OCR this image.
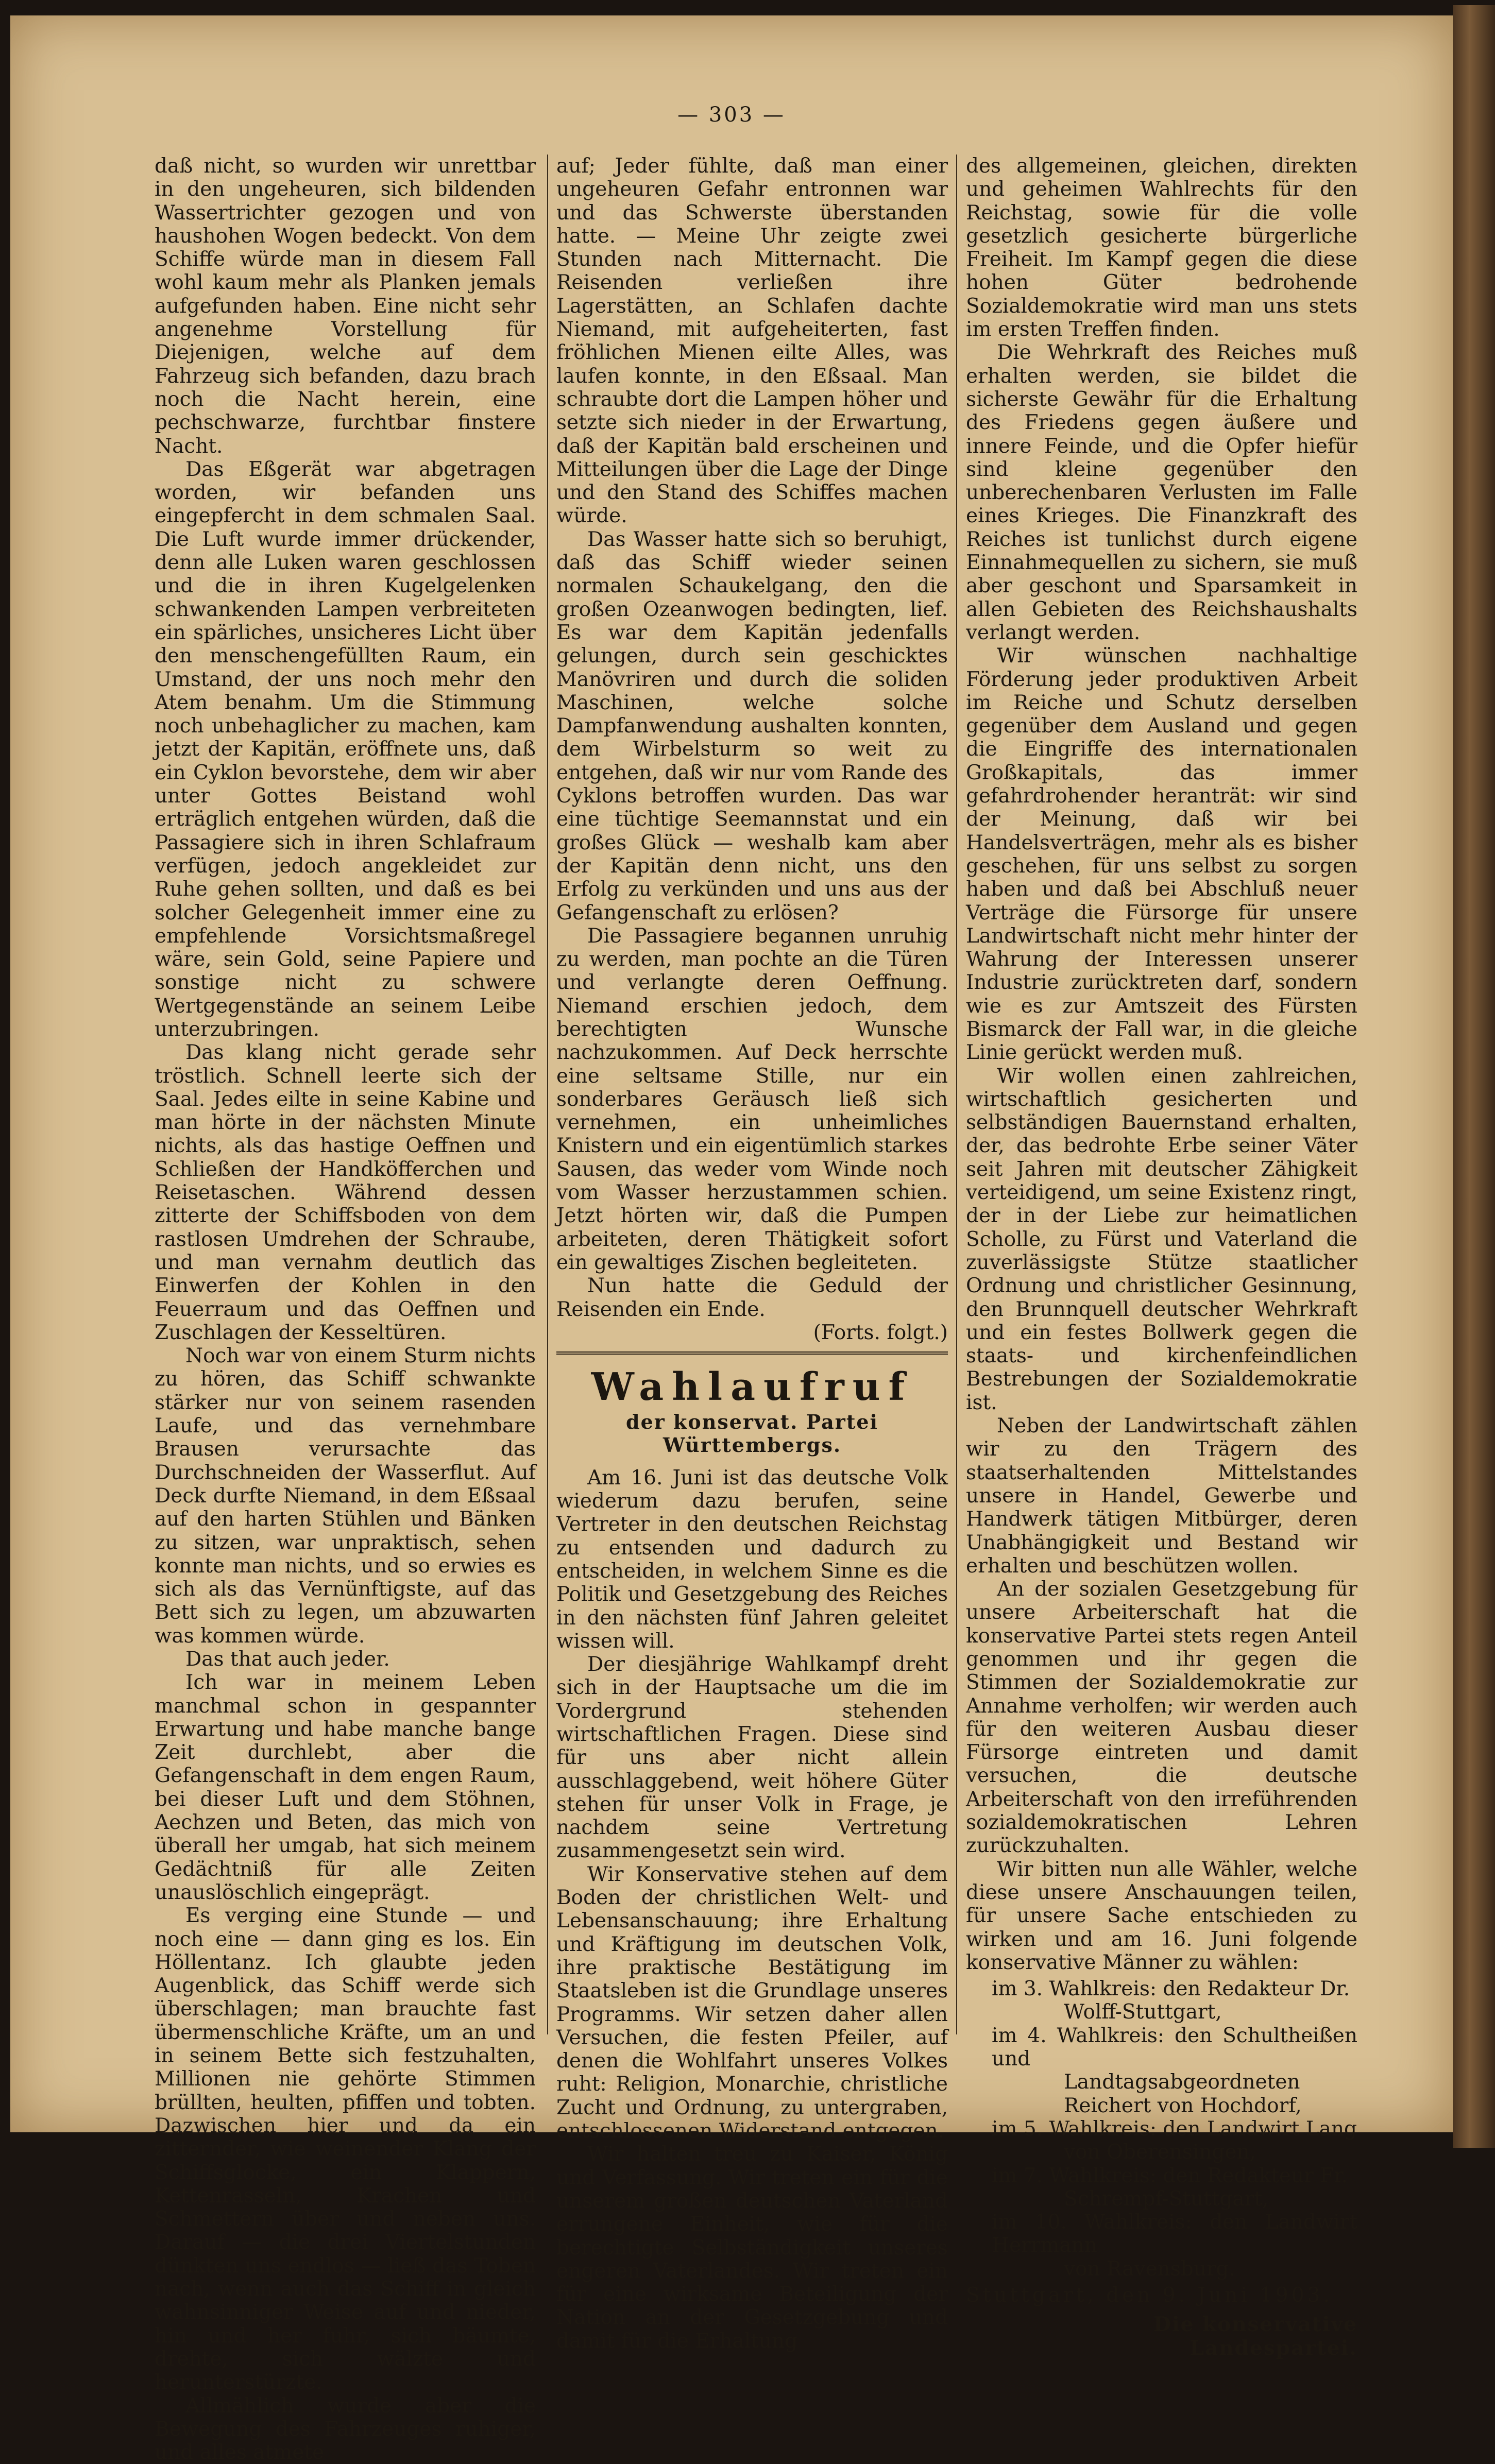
— 303 —

daß nicht, so wurden wir unrettbar in den ungeheuren, sich bildenden Wassertrichter gezogen und von haushohen Wogen bedeckt. Von dem Schiffe würde man in diesem Fall wohl kaum mehr als Planken jemals aufgefunden haben. Eine nicht sehr angenehme Vorstellung für Diejenigen, welche auf dem Fahrzeug sich befanden, dazu brach noch die Nacht herein, eine pechschwarze, furchtbar finstere Nacht.

Das Eßgerät war abgetragen worden, wir befanden uns eingepfercht in dem schmalen Saal. Die Luft wurde immer drückender, denn alle Luken waren geschlossen und die in ihren Kugelgelenken schwankenden Lampen verbreiteten ein spärliches, unsicheres Licht über den menschengefüllten Raum, ein Umstand, der uns noch mehr den Atem benahm. Um die Stimmung noch unbehaglicher zu machen, kam jetzt der Kapitän, eröffnete uns, daß ein Cyklon bevorstehe, dem wir aber unter Gottes Beistand wohl erträglich entgehen würden, daß die Passagiere sich in ihren Schlafraum verfügen, jedoch angekleidet zur Ruhe gehen sollten, und daß es bei solcher Gelegenheit immer eine zu empfehlende Vorsichtsmaßregel wäre, sein Gold, seine Papiere und sonstige nicht zu schwere Wertgegenstände an seinem Leibe unterzubringen.

Das klang nicht gerade sehr tröstlich. Schnell leerte sich der Saal. Jedes eilte in seine Kabine und man hörte in der nächsten Minute nichts, als das hastige Oeffnen und Schließen der Handköfferchen und Reisetaschen. Während dessen zitterte der Schiffsboden von dem rastlosen Umdrehen der Schraube, und man vernahm deutlich das Einwerfen der Kohlen in den Feuerraum und das Oeffnen und Zuschlagen der Kesseltüren.

Noch war von einem Sturm nichts zu hören, das Schiff schwankte stärker nur von seinem rasenden Laufe, und das vernehmbare Brausen verursachte das Durchschneiden der Wasserflut. Auf Deck durfte Niemand, in dem Eßsaal auf den harten Stühlen und Bänken zu sitzen, war unpraktisch, sehen konnte man nichts, und so erwies es sich als das Vernünftigste, auf das Bett sich zu legen, um abzuwarten was kommen würde.

Das that auch jeder.

Ich war in meinem Leben manchmal schon in gespannter Erwartung und habe manche bange Zeit durchlebt, aber die Gefangenschaft in dem engen Raum, bei dieser Luft und dem Stöhnen, Aechzen und Beten, das mich von überall her umgab, hat sich meinem Gedächtniß für alle Zeiten unauslöschlich eingeprägt.

Es verging eine Stunde — und noch eine — dann ging es los. Ein Höllentanz. Ich glaubte jeden Augenblick, das Schiff werde sich überschlagen; man brauchte fast übermenschliche Kräfte, um an und in seinem Bette sich festzuhalten, Millionen nie gehörte Stimmen brüllten, heulten, pfiffen und tobten. Dazwischen hier und da ein zitternder, wie weinender Klang der Schiffsglocke, ein Klappern, Kettenrasseln, Krachen und Schmettern über und neben uns. Darauf — die drei Viertelstunden dünkten uns endlos — ließ das Toben nach, wenn auch das Schiff in gleich wahnsinniger Weise auf und nieder, hin und her fuhr, sich bäumte, drehte, sich wälzte und herunterstürzte.

Allmählich wurde aber die Bewegung des Fahrzeuges ruhiger, und alles atmete

auf; Jeder fühlte, daß man einer ungeheuren Gefahr entronnen war und das Schwerste überstanden hatte. — Meine Uhr zeigte zwei Stunden nach Mitternacht. Die Reisenden verließen ihre Lagerstätten, an Schlafen dachte Niemand, mit aufgeheiterten, fast fröhlichen Mienen eilte Alles, was laufen konnte, in den Eßsaal. Man schraubte dort die Lampen höher und setzte sich nieder in der Erwartung, daß der Kapitän bald erscheinen und Mitteilungen über die Lage der Dinge und den Stand des Schiffes machen würde.

Das Wasser hatte sich so beruhigt, daß das Schiff wieder seinen normalen Schaukelgang, den die großen Ozeanwogen bedingten, lief. Es war dem Kapitän jedenfalls gelungen, durch sein geschicktes Manövriren und durch die soliden Maschinen, welche solche Dampfanwendung aushalten konnten, dem Wirbelsturm so weit zu entgehen, daß wir nur vom Rande des Cyklons betroffen wurden. Das war eine tüchtige Seemannstat und ein großes Glück — weshalb kam aber der Kapitän denn nicht, uns den Erfolg zu verkünden und uns aus der Gefangenschaft zu erlösen?

Die Passagiere begannen unruhig zu werden, man pochte an die Türen und verlangte deren Oeffnung. Niemand erschien jedoch, dem berechtigten Wunsche nachzukommen. Auf Deck herrschte eine seltsame Stille, nur ein sonderbares Geräusch ließ sich vernehmen, ein unheimliches Knistern und ein eigentümlich starkes Sausen, das weder vom Winde noch vom Wasser herzustammen schien. Jetzt hörten wir, daß die Pumpen arbeiteten, deren Thätigkeit sofort ein gewaltiges Zischen begleiteten.

Nun hatte die Geduld der Reisenden ein Ende.

(Forts. folgt.)

Wahlaufruf
der konservat. Partei Württembergs.

Am 16. Juni ist das deutsche Volk wiederum dazu berufen, seine Vertreter in den deutschen Reichstag zu entsenden und dadurch zu entscheiden, in welchem Sinne es die Politik und Gesetzgebung des Reiches in den nächsten fünf Jahren geleitet wissen will.

Der diesjährige Wahlkampf dreht sich in der Hauptsache um die im Vordergrund stehenden wirtschaftlichen Fragen. Diese sind für uns aber nicht allein ausschlaggebend, weit höhere Güter stehen für unser Volk in Frage, je nachdem seine Vertretung zusammengesetzt sein wird.

Wir Konservative stehen auf dem Boden der christlichen Welt- und Lebensanschauung; ihre Erhaltung und Kräftigung im deutschen Volk, ihre praktische Bestätigung im Staatsleben ist die Grundlage unseres Programms. Wir setzen daher allen Versuchen, die festen Pfeiler, auf denen die Wohlfahrt unseres Volkes ruht: Religion, Monarchie, christliche Zucht und Ordnung, zu untergraben, entschlossenen Widerstand entgegen.

Wir halten treu zu Kaiser, König und Verfassung. Wir treten ein für die unserem großen deutschen Vaterland errungene Einheit, wie für die berechtigte Selbständigkeit unseres engeren Vaterlandes. Wir treten ein für eine wirksame Beteiligung der Nation an der Gesetzgebung und damit für die Erhaltung

des allgemeinen, gleichen, direkten und geheimen Wahlrechts für den Reichstag, sowie für die volle gesetzlich gesicherte bürgerliche Freiheit. Im Kampf gegen die diese hohen Güter bedrohende Sozialdemokratie wird man uns stets im ersten Treffen finden.

Die Wehrkraft des Reiches muß erhalten werden, sie bildet die sicherste Gewähr für die Erhaltung des Friedens gegen äußere und innere Feinde, und die Opfer hiefür sind kleine gegenüber den unberechenbaren Verlusten im Falle eines Krieges. Die Finanzkraft des Reiches ist tunlichst durch eigene Einnahmequellen zu sichern, sie muß aber geschont und Sparsamkeit in allen Gebieten des Reichshaushalts verlangt werden.

Wir wünschen nachhaltige Förderung jeder produktiven Arbeit im Reiche und Schutz derselben gegenüber dem Ausland und gegen die Eingriffe des internationalen Großkapitals, das immer gefahrdrohender heranträt: wir sind der Meinung, daß wir bei Handelsverträgen, mehr als es bisher geschehen, für uns selbst zu sorgen haben und daß bei Abschluß neuer Verträge die Fürsorge für unsere Landwirtschaft nicht mehr hinter der Wahrung der Interessen unserer Industrie zurücktreten darf, sondern wie es zur Amtszeit des Fürsten Bismarck der Fall war, in die gleiche Linie gerückt werden muß.

Wir wollen einen zahlreichen, wirtschaftlich gesicherten und selbständigen Bauernstand erhalten, der, das bedrohte Erbe seiner Väter seit Jahren mit deutscher Zähigkeit verteidigend, um seine Existenz ringt, der in der Liebe zur heimatlichen Scholle, zu Fürst und Vaterland die zuverlässigste Stütze staatlicher Ordnung und christlicher Gesinnung, den Brunnquell deutscher Wehrkraft und ein festes Bollwerk gegen die staats- und kirchenfeindlichen Bestrebungen der Sozialdemokratie ist.

Neben der Landwirtschaft zählen wir zu den Trägern des staatserhaltenden Mittelstandes unsere in Handel, Gewerbe und Handwerk tätigen Mitbürger, deren Unabhängigkeit und Bestand wir erhalten und beschützen wollen.

An der sozialen Gesetzgebung für unsere Arbeiterschaft hat die konservative Partei stets regen Anteil genommen und ihr gegen die Stimmen der Sozialdemokratie zur Annahme verholfen; wir werden auch für den weiteren Ausbau dieser Fürsorge eintreten und damit versuchen, die deutsche Arbeiterschaft von den irreführenden sozialdemokratischen Lehren zurückzuhalten.

Wir bitten nun alle Wähler, welche diese unsere Anschauungen teilen, für unsere Sache entschieden zu wirken und am 16. Juni folgende konservative Männer zu wählen:

im 3. Wahlkreis: den Redakteur Dr.
Wolff-Stuttgart,

im 4. Wahlkreis: den Schultheißen und
Landtagsabgeordneten Reichert von Hochdorf,

im 5. Wahlkreis: den Landwirt Lang
von Oberensingen,

im 7. Wahlkreis: den Redakteur Fr.
Schrempf-Stuttgart,

im 10. Wahlkreis: den Landwirt Herrmann
von Ravensburg.

Stuttgart, den 9. Juni 1903.

Die konservative Landespartei.
